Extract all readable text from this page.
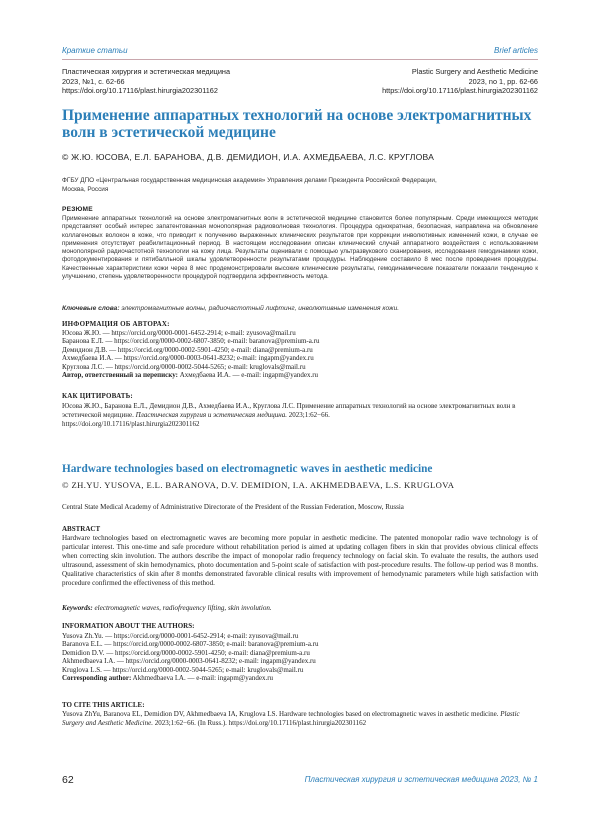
Краткие статьи	Brief articles
Пластическая хирургия и эстетическая медицина
2023, №1, с. 62-66
https://doi.org/10.17116/plast.hirurgia202301162
Plastic Surgery and Aesthetic Medicine
2023, no 1, pp. 62-66
https://doi.org/10.17116/plast.hirurgia202301162
Применение аппаратных технологий на основе электромагнитных
волн в эстетической медицине
© Ж.Ю. ЮСОВА, Е.Л. БАРАНОВА, Д.В. ДЕМИДИОН, И.А. АХМЕДБАЕВА, Л.С. КРУГЛОВА
ФГБУ ДПО «Центральная государственная медицинская академия» Управления делами Президента Российской Федерации,
Москва, Россия
РЕЗЮМЕ

Применение аппаратных технологий на основе электромагнитных волн в эстетической медицине становится более популярным. Среди имеющихся методик представляет особый интерес запатентованная монополярная радиоволновая технология. Процедура однократная, безопасная, направлена на обновление коллагеновых волокон в коже, что приводит к получению выраженных клинических результатов при коррекции инволютивных изменений кожи, в случае ее применения отсутствует реабилитационный период. В настоящем исследовании описан клинический случай аппаратного воздействия с использованием монополярной радиочастотной технологии на кожу лица. Результаты оценивали с помощью ультразвукового сканирования, исследования гемодинамики кожи, фотодокументирования и пятибалльной шкалы удовлетворенности результатами процедуры. Наблюдение составило 8 мес после проведения процедуры. Качественные характеристики кожи через 8 мес продемонстрировали высокие клинические результаты, гемодинамические показатели показали тенденцию к улучшению, степень удовлетворенности процедурой подтвердила эффективность метода.

Ключевые слова: электромагнитные волны, радиочастотный лифтинг, инволютивные изменения кожи.
ИНФОРМАЦИЯ ОБ АВТОРАХ:
Юсова Ж.Ю. — https://orcid.org/0000-0001-6452-2914; e-mail: zyusova@mail.ru
Баранова Е.Л. — https://orcid.org/0000-0002-6807-3850; e-mail: baranova@premium-a.ru
Демидион Д.В. — https://orcid.org/0000-0002-5901-4250; e-mail: diana@premium-a.ru
Ахмедбаева И.А. — https://orcid.org/0000-0003-0641-8232; e-mail: ingapm@yandex.ru
Круглова Л.С. — https://orcid.org/0000-0002-5044-5265; e-mail: kruglovals@mail.ru
Автор, ответственный за переписку: Ахмедбаева И.А. — e-mail: ingapm@yandex.ru
КАК ЦИТИРОВАТЬ:
Юсова Ж.Ю., Баранова Е.Л., Демидион Д.В., Ахмедбаева И.А., Круглова Л.С. Применение аппаратных технологий на основе электромагнитных волн в эстетической медицине. Пластическая хирургия и эстетическая медицина. 2023;1:62−66.
https://doi.org/10.17116/plast.hirurgia202301162
Hardware technologies based on electromagnetic waves in aesthetic medicine
© ZH.YU. YUSOVA, E.L. BARANOVA, D.V. DEMIDION, I.A. AKHMEDBAEVA, L.S. KRUGLOVA
Central State Medical Academy of Administrative Directorate of the President of the Russian Federation, Moscow, Russia
ABSTRACT

Hardware technologies based on electromagnetic waves are becoming more popular in aesthetic medicine. The patented monopolar radio wave technology is of particular interest. This one-time and safe procedure without rehabilitation period is aimed at updating collagen fibers in skin that provides obvious clinical effects when correcting skin involution. The authors describe the impact of monopolar radio frequency technology on facial skin. To evaluate the results, the authors used ultrasound, assessment of skin hemodynamics, photo documentation and 5-point scale of satisfaction with post-procedure results. The follow-up period was 8 months. Qualitative characteristics of skin after 8 months demonstrated favorable clinical results with improvement of hemodynamic parameters while high satisfaction with procedure confirmed the effectiveness of this method.

Keywords: electromagnetic waves, radiofrequency lifting, skin involution.
INFORMATION ABOUT THE AUTHORS:
Yusova Zh.Yu. — https://orcid.org/0000-0001-6452-2914; e-mail: zyusova@mail.ru
Baranova E.L. — https://orcid.org/0000-0002-6807-3850; e-mail: baranova@premium-a.ru
Demidion D.V. — https://orcid.org/0000-0002-5901-4250; e-mail: diana@premium-a.ru
Akhmedbaeva I.A. — https://orcid.org/0000-0003-0641-8232; e-mail: ingapm@yandex.ru
Kruglova L.S. — https://orcid.org/0000-0002-5044-5265; e-mail: kruglovals@mail.ru
Corresponding author: Akhmedbaeva I.A. — e-mail: ingapm@yandex.ru
TO CITE THIS ARTICLE:
Yusova ZhYu, Baranova EL, Demidion DV, Akhmedbaeva IA, Kruglova LS. Hardware technologies based on electromagnetic waves in aesthetic medicine. Plastic Surgery and Aesthetic Medicine. 2023;1:62−66. (In Russ.). https://doi.org/10.17116/plast.hirurgia202301162
62	Пластическая хирургия и эстетическая медицина 2023, № 1
